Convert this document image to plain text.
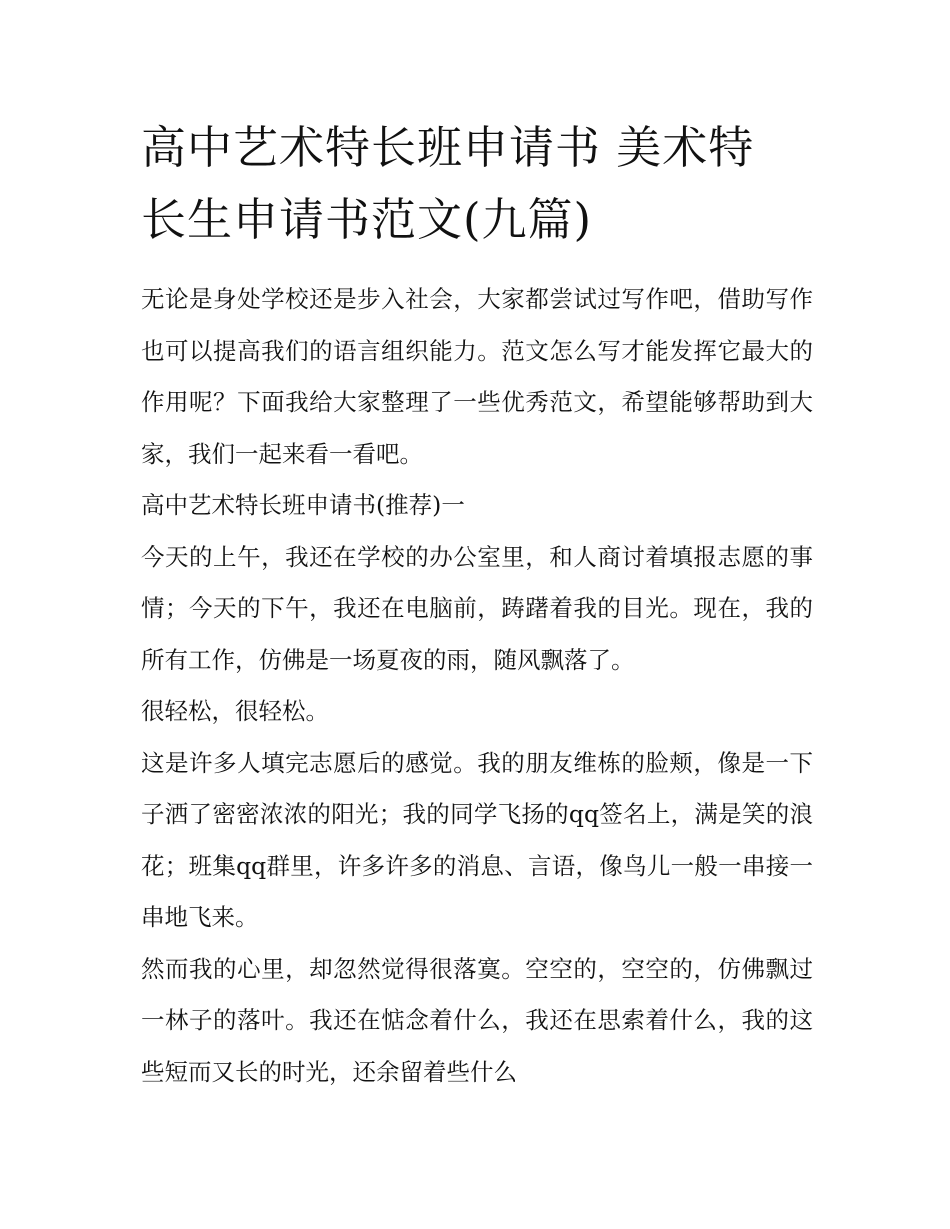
高中艺术特长班申请书 美术特
长生申请书范文(九篇)

无论是身处学校还是步入社会，大家都尝试过写作吧，借助写作也可以提高我们的语言组织能力。范文怎么写才能发挥它最大的作用呢？下面我给大家整理了一些优秀范文，希望能够帮助到大家，我们一起来看一看吧。

高中艺术特长班申请书(推荐)一

今天的上午，我还在学校的办公室里，和人商讨着填报志愿的事情；今天的下午，我还在电脑前，踌躇着我的目光。现在，我的所有工作，仿佛是一场夏夜的雨，随风飘落了。

很轻松，很轻松。

这是许多人填完志愿后的感觉。我的朋友维栋的脸颊，像是一下子洒了密密浓浓的阳光；我的同学飞扬的qq签名上，满是笑的浪花；班集qq群里，许多许多的消息、言语，像鸟儿一般一串接一串地飞来。

然而我的心里，却忽然觉得很落寞。空空的，空空的，仿佛飘过一林子的落叶。我还在惦念着什么，我还在思索着什么，我的这些短而又长的时光，还余留着些什么
